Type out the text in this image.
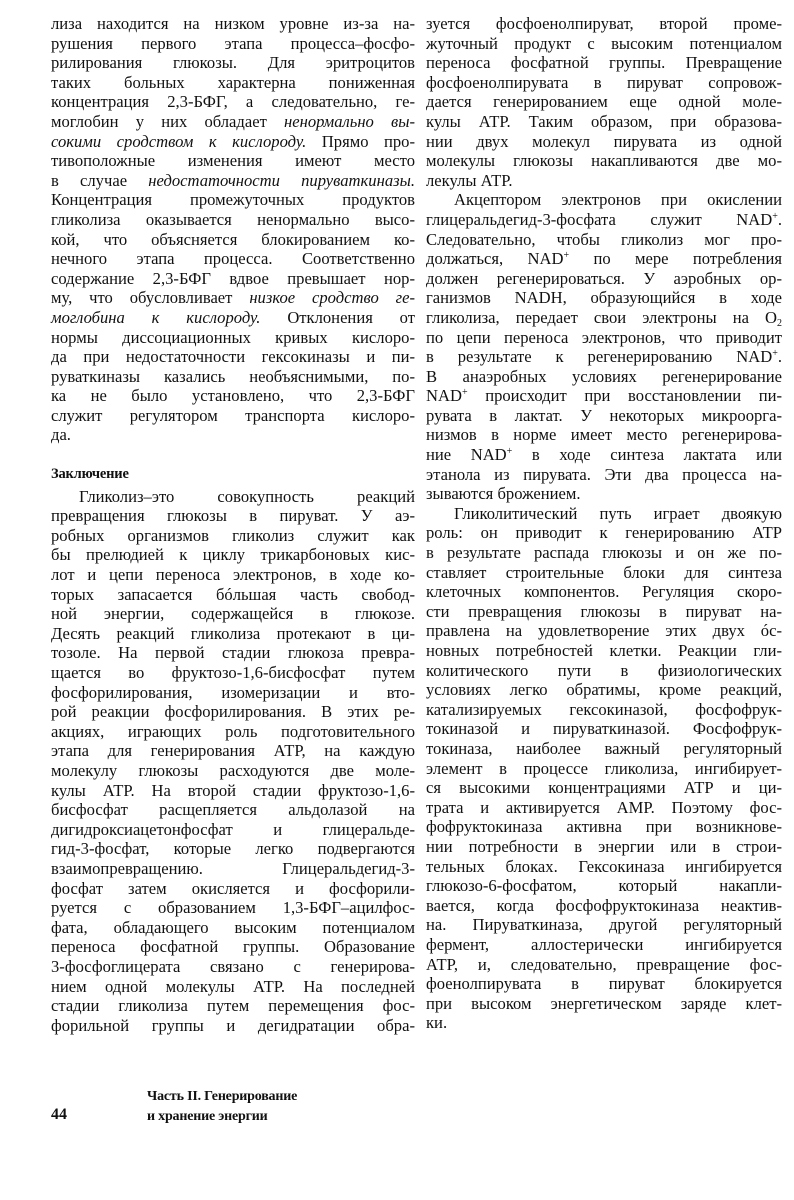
лиза находится на низком уровне из-за на-
рушения первого этапа процесса–фосфо-
рилирования глюкозы. Для эритроцитов
таких больных характерна пониженная
концентрация 2,3-БФГ, а следовательно, ге-
моглобин у них обладает ненормально вы-
сокими сродством к кислороду. Прямо про-
тивоположные изменения имеют место
в случае недостаточности пируваткиназы.
Концентрация промежуточных продуктов
гликолиза оказывается ненормально высо-
кой, что объясняется блокированием ко-
нечного этапа процесса. Соответственно
содержание 2,3-БФГ вдвое превышает нор-
му, что обусловливает низкое сродство ге-
моглобина к кислороду. Отклонения от
нормы диссоциационных кривых кислоро-
да при недостаточности гексокиназы и пи-
руваткиназы казались необъяснимыми, по-
ка не было установлено, что 2,3-БФГ
служит регулятором транспорта кислоро-
да.
Заключение
Гликолиз–это совокупность реакций
превращения глюкозы в пируват. У аэ-
робных организмов гликолиз служит как
бы прелюдией к циклу трикарбоновых кис-
лот и цепи переноса электронов, в ходе ко-
торых запасается бóльшая часть свобод-
ной энергии, содержащейся в глюкозе.
Десять реакций гликолиза протекают в ци-
тозоле. На первой стадии глюкоза превра-
щается во фруктозо-1,6-бисфосфат путем
фосфорилирования, изомеризации и вто-
рой реакции фосфорилирования. В этих ре-
акциях, играющих роль подготовительного
этапа для генерирования АТР, на каждую
молекулу глюкозы расходуются две моле-
кулы АТР. На второй стадии фруктозо-1,6-
бисфосфат расщепляется альдолазой на
дигидроксиацетонфосфат и глицеральде-
гид-3-фосфат, которые легко подвергаются
взаимопревращению. Глицеральдегид-3-
фосфат затем окисляется и фосфорили-
руется с образованием 1,3-БФГ–ацилфос-
фата, обладающего высоким потенциалом
переноса фосфатной группы. Образование
3-фосфоглицерата связано с генерирова-
нием одной молекулы АТР. На последней
стадии гликолиза путем перемещения фос-
форильной группы и дегидратации обра-
зуется фосфоенолпируват, второй проме-
жуточный продукт с высоким потенциалом
переноса фосфатной группы. Превращение
фосфоенолпирувата в пируват сопровож-
дается генерированием еще одной моле-
кулы АТР. Таким образом, при образова-
нии двух молекул пирувата из одной
молекулы глюкозы накапливаются две мо-
лекулы АТР.
Акцептором электронов при окислении
глицеральдегид-3-фосфата служит NAD+.
Следовательно, чтобы гликолиз мог про-
должаться, NAD+ по мере потребления
должен регенерироваться. У аэробных ор-
ганизмов NADH, образующийся в ходе
гликолиза, передает свои электроны на $O_2$
по цепи переноса электронов, что приводит
в результате к регенерированию NAD+.
В анаэробных условиях регенерирование
NAD+ происходит при восстановлении пи-
рувата в лактат. У некоторых микроорга-
низмов в норме имеет место регенерирова-
ние NAD+ в ходе синтеза лактата или
этанола из пирувата. Эти два процесса на-
зываются брожением.
Гликолитический путь играет двоякую
роль: он приводит к генерированию АТР
в результате распада глюкозы и он же по-
ставляет строительные блоки для синтеза
клеточных компонентов. Регуляция скоро-
сти превращения глюкозы в пируват на-
правлена на удовлетворение этих двух óс-
новных потребностей клетки. Реакции гли-
колитического пути в физиологических
условиях легко обратимы, кроме реакций,
катализируемых гексокиназой, фосфофрук-
токиназой и пируваткиназой. Фосфофрук-
токиназа, наиболее важный регуляторный
элемент в процессе гликолиза, ингибирует-
ся высокими концентрациями АТР и ци-
трата и активируется АМР. Поэтому фос-
фофруктокиназа активна при возникнове-
нии потребности в энергии или в строи-
тельных блоках. Гексокиназа ингибируется
глюкозо-6-фосфатом, который накапли-
вается, когда фосфофруктокиназа неактив-
на. Пируваткиназа, другой регуляторный
фермент, аллостерически ингибируется
АТР, и, следовательно, превращение фос-
фоенолпирувата в пируват блокируется
при высоком энергетическом заряде клет-
ки.
44
Часть II. Генерирование
и хранение энергии
